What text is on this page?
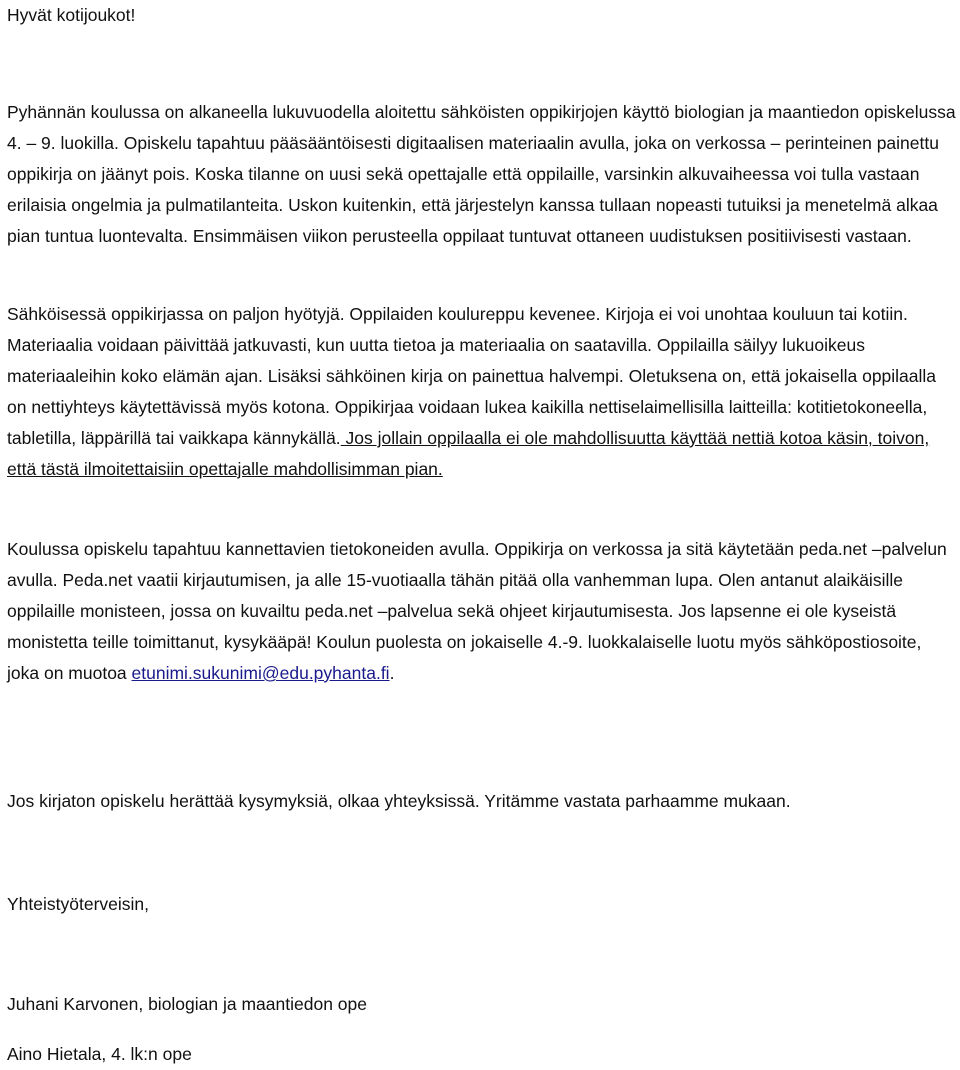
Hyvät kotijoukot!

Pyhännän koulussa on alkaneella lukuvuodella aloitettu sähköisten oppikirjojen käyttö biologian ja maantiedon opiskelussa 4. – 9. luokilla. Opiskelu tapahtuu pääsääntöisesti digitaalisen materiaalin avulla, joka on verkossa – perinteinen painettu oppikirja on jäänyt pois. Koska tilanne on uusi sekä opettajalle että oppilaille, varsinkin alkuvaiheessa voi tulla vastaan erilaisia ongelmia ja pulmatilanteita. Uskon kuitenkin, että järjestelyn kanssa tullaan nopeasti tutuiksi ja menetelmä alkaa pian tuntua luontevalta. Ensimmäisen viikon perusteella oppilaat tuntuvat ottaneen uudistuksen positiivisesti vastaan.

Sähköisessä oppikirjassa on paljon hyötyjä. Oppilaiden koulureppu kevenee. Kirjoja ei voi unohtaa kouluun tai kotiin. Materiaalia voidaan päivittää jatkuvasti, kun uutta tietoa ja materiaalia on saatavilla. Oppilailla säilyy lukuoikeus materiaaleihin koko elämän ajan. Lisäksi sähköinen kirja on painettua halvempi. Oletuksena on, että jokaisella oppilaalla on nettiyhteys käytettävissä myös kotona. Oppikirjaa voidaan lukea kaikilla nettiselaimellisilla laitteilla: kotitietokoneella, tabletilla, läppärillä tai vaikkapa kännykällä. Jos jollain oppilaalla ei ole mahdollisuutta käyttää nettiä kotoa käsin, toivon, että tästä ilmoitettaisiin opettajalle mahdollisimman pian.

Koulussa opiskelu tapahtuu kannettavien tietokoneiden avulla. Oppikirja on verkossa ja sitä käytetään peda.net –palvelun avulla. Peda.net vaatii kirjautumisen, ja alle 15-vuotiaalla tähän pitää olla vanhemman lupa. Olen antanut alaikäisille oppilaille monisteen, jossa on kuvailtu peda.net –palvelua sekä ohjeet kirjautumisesta. Jos lapsenne ei ole kyseistä monistetta teille toimittanut, kysykääpä! Koulun puolesta on jokaiselle 4.-9. luokkalaiselle luotu myös sähköpostiosoite, joka on muotoa etunimi.sukunimi@edu.pyhanta.fi.

Jos kirjaton opiskelu herättää kysymyksiä, olkaa yhteyksissä. Yritämme vastata parhaamme mukaan.

Yhteistyöterveisin,

Juhani Karvonen, biologian ja maantiedon ope

Aino Hietala, 4. lk:n ope
